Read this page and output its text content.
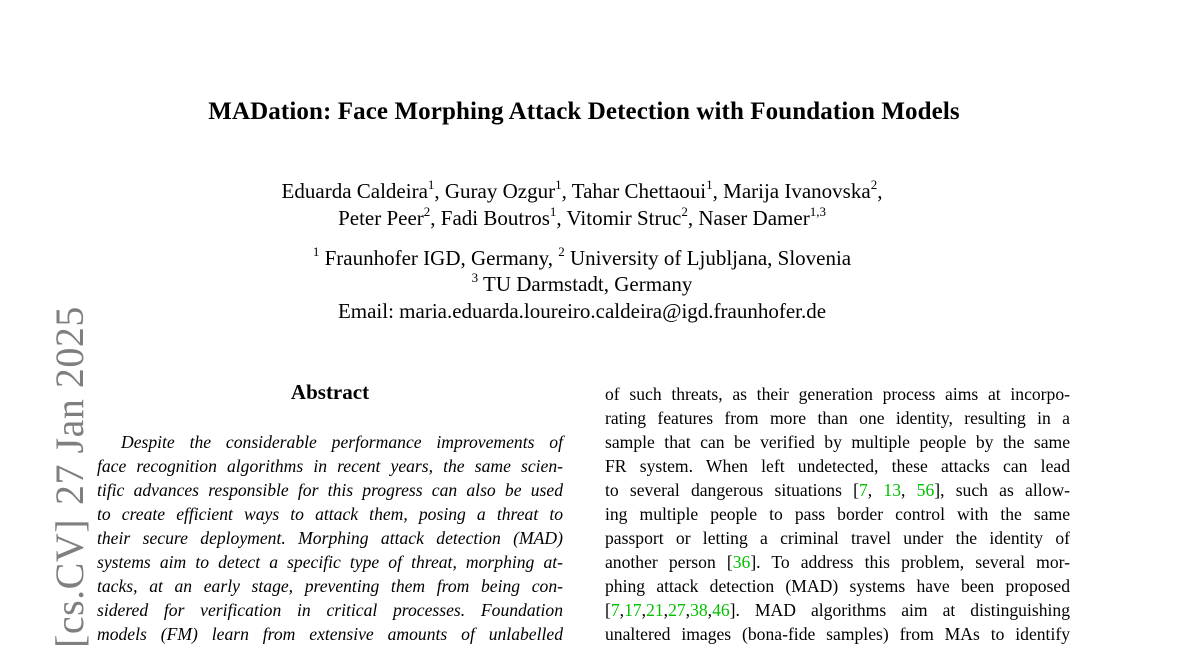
MADation: Face Morphing Attack Detection with Foundation Models
Eduarda Caldeira$^1$, Guray Ozgur$^1$, Tahar Chettaoui$^1$, Marija Ivanovska$^2$,
Peter Peer$^2$, Fadi Boutros$^1$, Vitomir Struc$^2$, Naser Damer$^{1,3}$
$^1$ Fraunhofer IGD, Germany, $^2$ University of Ljubljana, Slovenia
$^3$ TU Darmstadt, Germany
Email: maria.eduarda.loureiro.caldeira@igd.fraunhofer.de
[cs.CV]27 Jan 2025	Abstract
Despite the considerable performance improvements of
face recognition algorithms in recent years, the same scien-
tific advances responsible for this progress can also be used
to create efficient ways to attack them, posing a threat to
their secure deployment. Morphing attack detection (MAD)
systems aim to detect a specific type of threat, morphing at-
tacks, at an early stage, preventing them from being con-
sidered for verification in critical processes. Foundation
models (FM) learn from extensive amounts of unlabelled
of such threats, as their generation process aims at incorpo-
rating features from more than one identity, resulting in a
sample that can be verified by multiple people by the same
FR system. When left undetected, these attacks can lead
to several dangerous situations [7, 13, 56], such as allow-
ing multiple people to pass border control with the same
passport or letting a criminal travel under the identity of
another person [36]. To address this problem, several mor-
phing attack detection (MAD) systems have been proposed
[7,17,21,27,38,46]. MAD algorithms aim at distinguishing
unaltered images (bona-fide samples) from MAs to identify
